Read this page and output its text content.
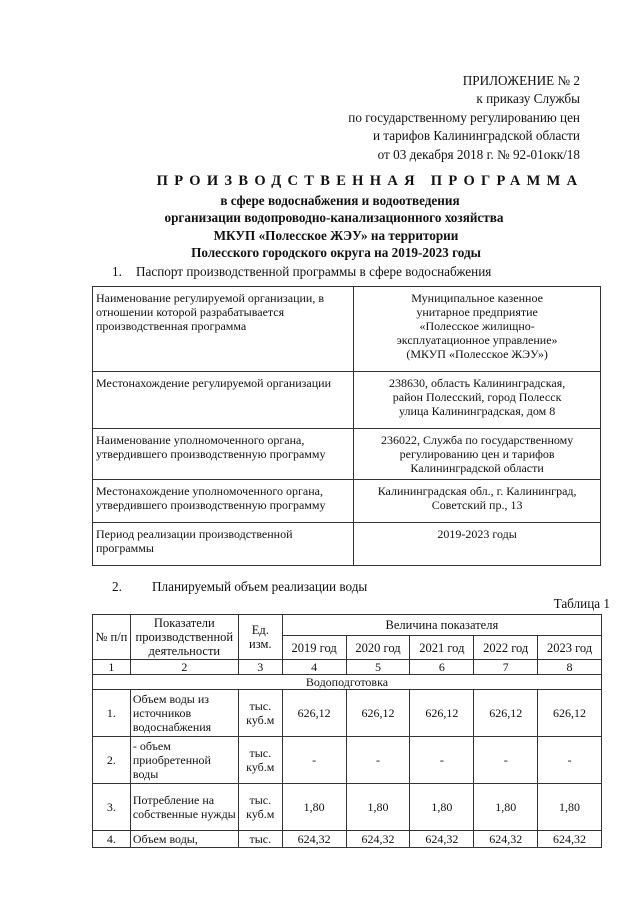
ПРИЛОЖЕНИЕ № 2
к приказу Службы
по государственному регулированию цен
и тарифов Калининградской области
от 03 декабря 2018 г. № 92-01окк/18
ПРОИЗВОДСТВЕННАЯ ПРОГРАММА
в сфере водоснабжения и водоотведения
организации водопроводно-канализационного хозяйства
МКУП «Полесское ЖЭУ» на территории
Полесского городского округа на 2019-2023 годы
1. Паспорт производственной программы в сфере водоснабжения
Наименование регулируемой организации, в отношении которой разрабатывается производственная программа	Муниципальное казенное
унитарное предприятие
«Полесское жилищно-
эксплуатационное управление»
(МКУП «Полесское ЖЭУ»)

Местонахождение регулируемой организации	238630, область Калининградская,
район Полесский, город Полесск
улица Калининградская, дом 8

Наименование уполномоченного органа, утвердившего производственную программу	236022, Служба по государственному
регулированию цен и тарифов
Калининградской области

Местонахождение уполномоченного органа, утвердившего производственную программу	Калининградская обл., г. Калининград,
Советский пр., 13

Период реализации производственной программы	2019-2023 годы
2. Планируемый объем реализации воды
Таблица 1
№ п/п	Показатели производственной деятельности	Ед. изм.	Величина показателя				
			2019 год	2020 год	2021 год	2022 год	2023 год
1	2	3	4	5	6	7	8
Водоподготовка							
1.	Объем воды из источников водоснабжения	тыс. куб.м	626,12	626,12	626,12	626,12	626,12
2.	- объем приобретенной воды	тыс. куб.м	-	-	-	-	-
3.	Потребление на собственные нужды	тыс. куб.м	1,80	1,80	1,80	1,80	1,80
4.	Объем воды,	тыс.	624,32	624,32	624,32	624,32	624,32
